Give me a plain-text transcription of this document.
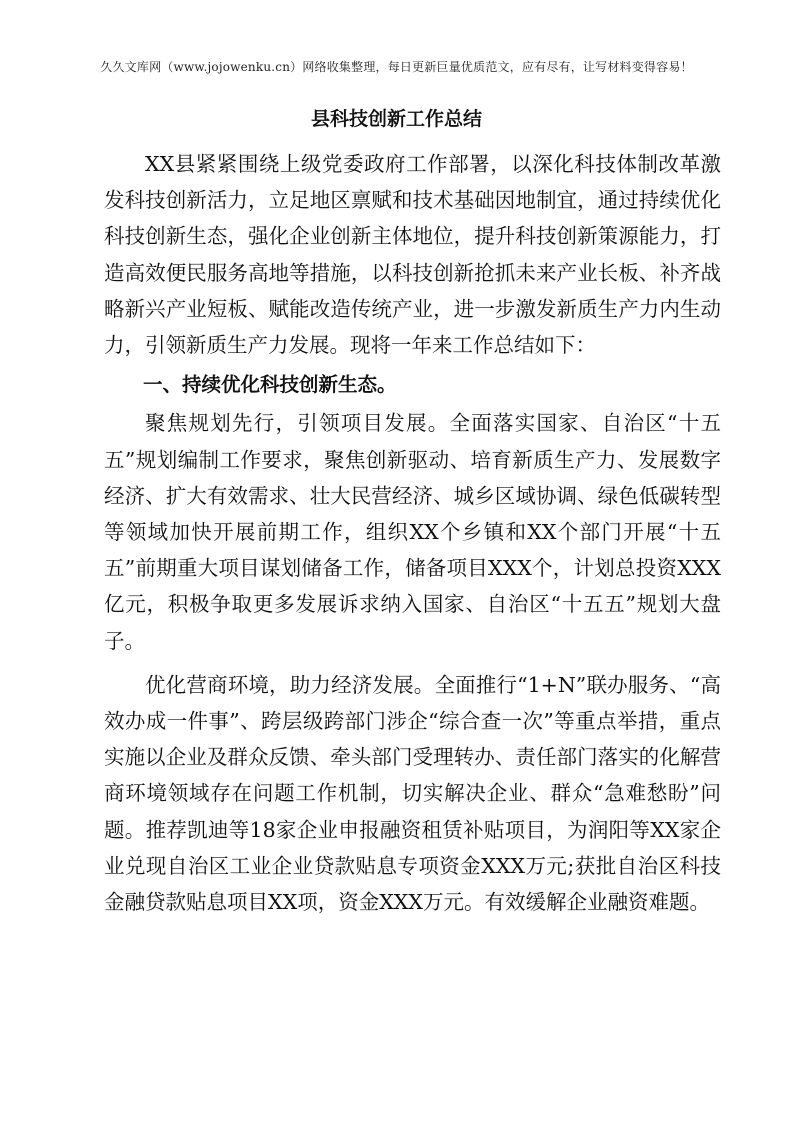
久久文库网（www.jojowenku.cn）网络收集整理，每日更新巨量优质范文，应有尽有，让写材料变得容易！
县科技创新工作总结

XX县紧紧围绕上级党委政府工作部署，以深化科技体制改革激发科技创新活力，立足地区禀赋和技术基础因地制宜，通过持续优化科技创新生态，强化企业创新主体地位，提升科技创新策源能力，打造高效便民服务高地等措施，以科技创新抢抓未来产业长板、补齐战略新兴产业短板、赋能改造传统产业，进一步激发新质生产力内生动力，引领新质生产力发展。现将一年来工作总结如下：

一、持续优化科技创新生态。

聚焦规划先行，引领项目发展。全面落实国家、自治区“十五五”规划编制工作要求，聚焦创新驱动、培育新质生产力、发展数字经济、扩大有效需求、壮大民营经济、城乡区域协调、绿色低碳转型等领域加快开展前期工作，组织XX个乡镇和XX个部门开展“十五五”前期重大项目谋划储备工作，储备项目XXX个，计划总投资XXX亿元，积极争取更多发展诉求纳入国家、自治区“十五五”规划大盘子。

优化营商环境，助力经济发展。全面推行“1+N”联办服务、“高效办成一件事”、跨层级跨部门涉企“综合查一次”等重点举措，重点实施以企业及群众反馈、牵头部门受理转办、责任部门落实的化解营商环境领域存在问题工作机制，切实解决企业、群众“急难愁盼”问题。推荐凯迪等18家企业申报融资租赁补贴项目，为润阳等XX家企业兑现自治区工业企业贷款贴息专项资金XXX万元;获批自治区科技金融贷款贴息项目XX项，资金XXX万元。有效缓解企业融资难题。
